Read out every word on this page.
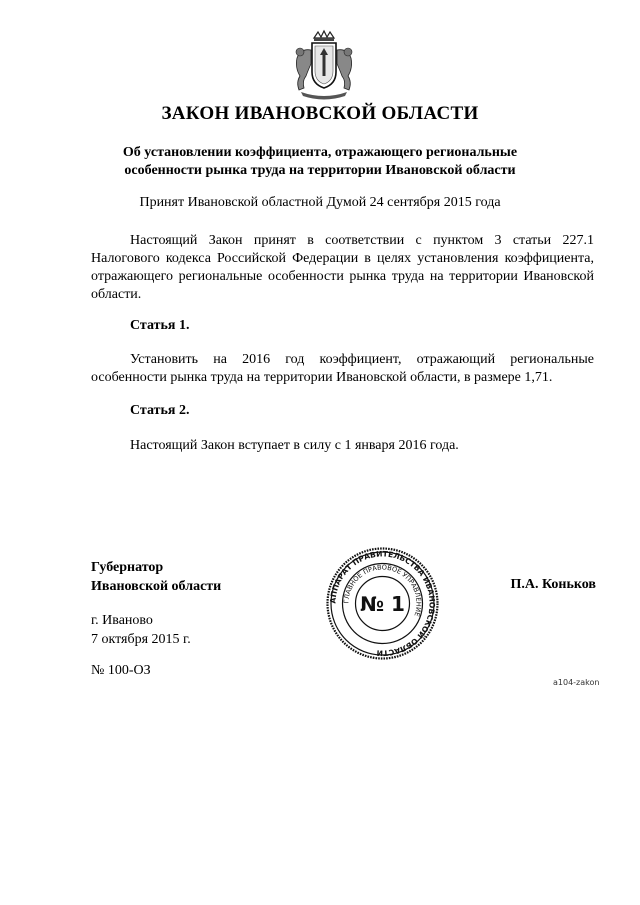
ЗАКОН ИВАНОВСКОЙ ОБЛАСТИ
Об установлении коэффициента, отражающего региональные
особенности рынка труда на территории Ивановской области
Принят Ивановской областной Думой 24 сентября 2015 года
Настоящий Закон принят в соответствии с пунктом 3 статьи 227.1 Налогового кодекса Российской Федерации в целях установления коэффициента, отражающего региональные особенности рынка труда на территории Ивановской области.
Статья 1.
Установить на 2016 год коэффициент, отражающий региональные особенности рынка труда на территории Ивановской области, в размере 1,71.
Статья 2.
Настоящий Закон вступает в силу с 1 января 2016 года.
Губернатор
Ивановской области	П.А. Коньков
АППАРАТ ПРАВИТЕЛЬСТВА ИВАНОВСКОЙ ОБЛАСТИ
ГЛАВНОЕ ПРАВОВОЕ УПРАВЛЕНИЕ
№ 1
г. Иваново
7 октября 2015 г.
№ 100-ОЗ
a104-zakon
